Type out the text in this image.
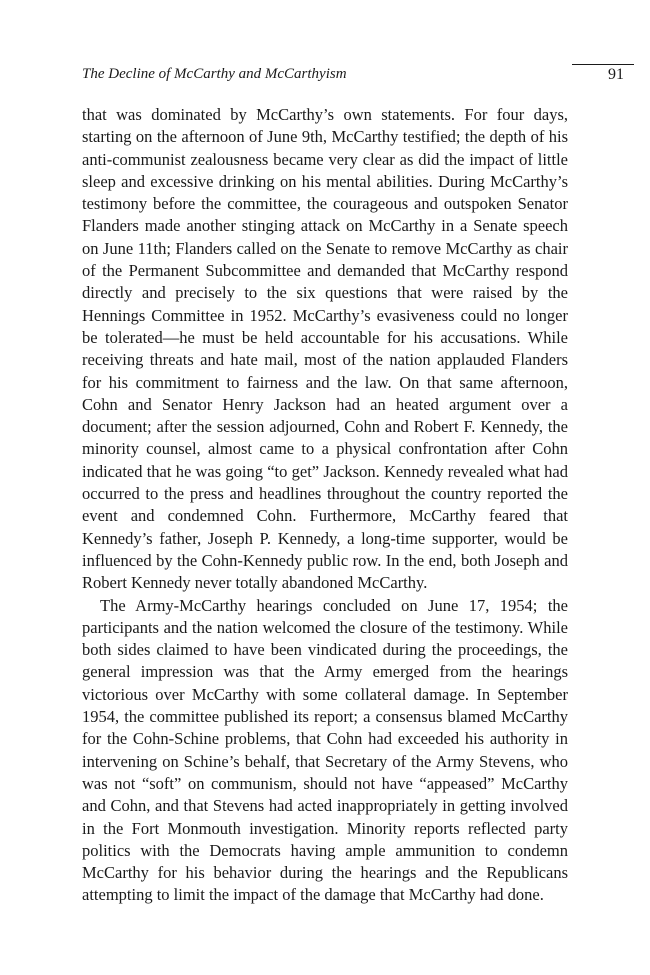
The Decline of McCarthy and McCarthyism	91

that was dominated by McCarthy’s own statements. For four days, starting on the afternoon of June 9th, McCarthy testified; the depth of his anti-communist zealousness became very clear as did the impact of little sleep and excessive drinking on his mental abilities. During McCarthy’s testimony before the committee, the courageous and outspoken Senator Flanders made another stinging attack on McCarthy in a Senate speech on June 11th; Flanders called on the Senate to remove McCarthy as chair of the Permanent Subcommittee and demanded that McCarthy respond directly and precisely to the six questions that were raised by the Hennings Committee in 1952. McCarthy’s evasiveness could no longer be tolerated—he must be held accountable for his accusations. While receiving threats and hate mail, most of the nation applauded Flanders for his commitment to fairness and the law. On that same afternoon, Cohn and Senator Henry Jackson had an heated argument over a document; after the session adjourned, Cohn and Robert F. Kennedy, the minority counsel, almost came to a physical confrontation after Cohn indicated that he was going “to get” Jackson. Kennedy revealed what had occurred to the press and headlines throughout the country reported the event and condemned Cohn. Furthermore, McCarthy feared that Kennedy’s father, Joseph P. Kennedy, a long-time supporter, would be influenced by the Cohn-Kennedy public row. In the end, both Joseph and Robert Kennedy never totally abandoned McCarthy.

The Army-McCarthy hearings concluded on June 17, 1954; the participants and the nation welcomed the closure of the testimony. While both sides claimed to have been vindicated during the proceedings, the general impression was that the Army emerged from the hearings victorious over McCarthy with some collateral damage. In September 1954, the committee published its report; a consensus blamed McCarthy for the Cohn-Schine problems, that Cohn had exceeded his authority in intervening on Schine’s behalf, that Secretary of the Army Stevens, who was not “soft” on communism, should not have “appeased” McCarthy and Cohn, and that Stevens had acted inappropriately in getting involved in the Fort Monmouth investigation. Minority reports reflected party politics with the Democrats having ample ammunition to condemn McCarthy for his behavior during the hearings and the Republicans attempting to limit the impact of the damage that McCarthy had done.
